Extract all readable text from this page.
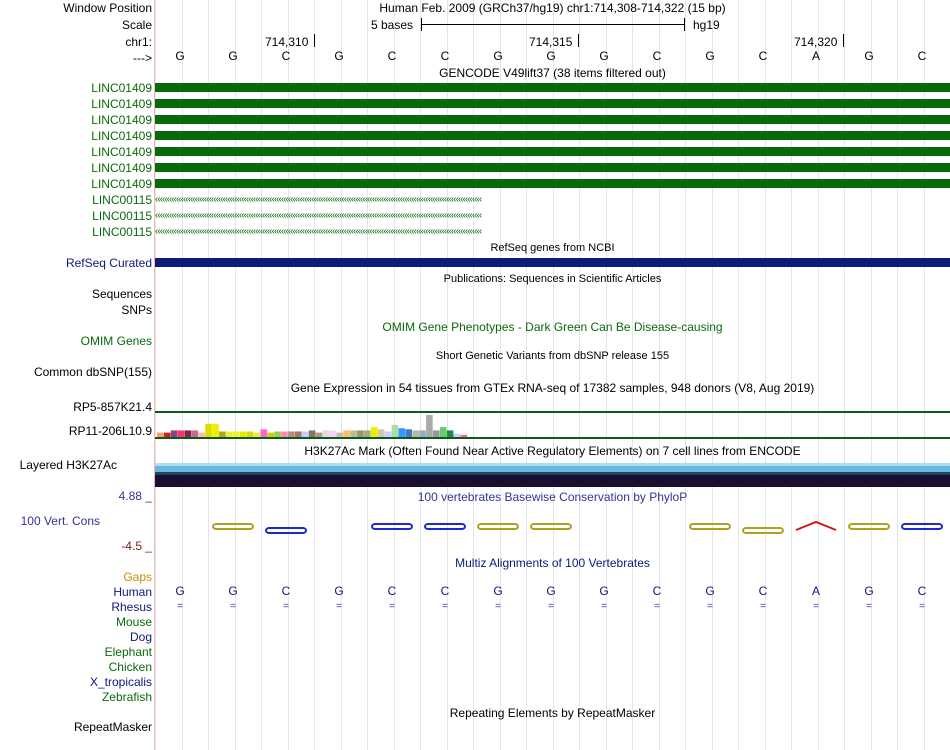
Window Position
Scale
chr1:
--->
LINC01409
LINC01409
LINC01409
LINC01409
LINC01409
LINC01409
LINC01409
LINC00115
LINC00115
LINC00115
RefSeq Curated
Sequences
SNPs
OMIM Genes
Common dbSNP(155)
RP5-857K21.4
RP11-206L10.9
Layered H3K27Ac
4.88 _
100 Vert. Cons
-4.5 _
Gaps
Human
Rhesus
Mouse
Dog
Elephant
Chicken
X_tropicalis
Zebrafish
RepeatMasker
Human Feb. 2009 (GRCh37/hg19) chr1:714,308-714,322 (15 bp)
5 bases	hg19
714,310	714,315	714,320
G	G	C	G	C	C	G	G	G	C	G	C	A	G	C
GENCODE V49lift37 (38 items filtered out)
‹‹‹‹‹‹‹‹‹‹‹‹‹‹‹‹‹‹‹‹‹‹‹‹‹‹‹‹‹‹‹‹‹‹‹‹‹‹‹‹‹‹‹‹‹‹‹‹‹‹‹‹‹‹‹‹‹‹‹‹‹‹‹‹‹‹‹‹‹‹‹‹‹‹‹‹‹‹‹‹‹‹‹‹‹‹‹‹‹‹‹‹‹‹‹‹‹‹‹‹‹‹‹‹‹‹‹‹‹‹‹‹‹‹‹‹‹‹‹‹‹‹‹‹‹‹‹‹‹‹‹‹‹‹‹‹‹‹‹‹
‹‹‹‹‹‹‹‹‹‹‹‹‹‹‹‹‹‹‹‹‹‹‹‹‹‹‹‹‹‹‹‹‹‹‹‹‹‹‹‹‹‹‹‹‹‹‹‹‹‹‹‹‹‹‹‹‹‹‹‹‹‹‹‹‹‹‹‹‹‹‹‹‹‹‹‹‹‹‹‹‹‹‹‹‹‹‹‹‹‹‹‹‹‹‹‹‹‹‹‹‹‹‹‹‹‹‹‹‹‹‹‹‹‹‹‹‹‹‹‹‹‹‹‹‹‹‹‹‹‹‹‹‹‹‹‹‹‹‹‹
‹‹‹‹‹‹‹‹‹‹‹‹‹‹‹‹‹‹‹‹‹‹‹‹‹‹‹‹‹‹‹‹‹‹‹‹‹‹‹‹‹‹‹‹‹‹‹‹‹‹‹‹‹‹‹‹‹‹‹‹‹‹‹‹‹‹‹‹‹‹‹‹‹‹‹‹‹‹‹‹‹‹‹‹‹‹‹‹‹‹‹‹‹‹‹‹‹‹‹‹‹‹‹‹‹‹‹‹‹‹‹‹‹‹‹‹‹‹‹‹‹‹‹‹‹‹‹‹‹‹‹‹‹‹‹‹‹‹‹‹
RefSeq genes from NCBI
Publications: Sequences in Scientific Articles
OMIM Gene Phenotypes - Dark Green Can Be Disease-causing
Short Genetic Variants from dbSNP release 155
Gene Expression in 54 tissues from GTEx RNA-seq of 17382 samples, 948 donors (V8, Aug 2019)
H3K27Ac Mark (Often Found Near Active Regulatory Elements) on 7 cell lines from ENCODE
100 vertebrates Basewise Conservation by PhyloP
Multiz Alignments of 100 Vertebrates
G	G	C	G	C	C	G	G	G	C	G	C	A	G	C
=	=	=	=	=	=	=	=	=	=	=	=	=	=	=
Repeating Elements by RepeatMasker
